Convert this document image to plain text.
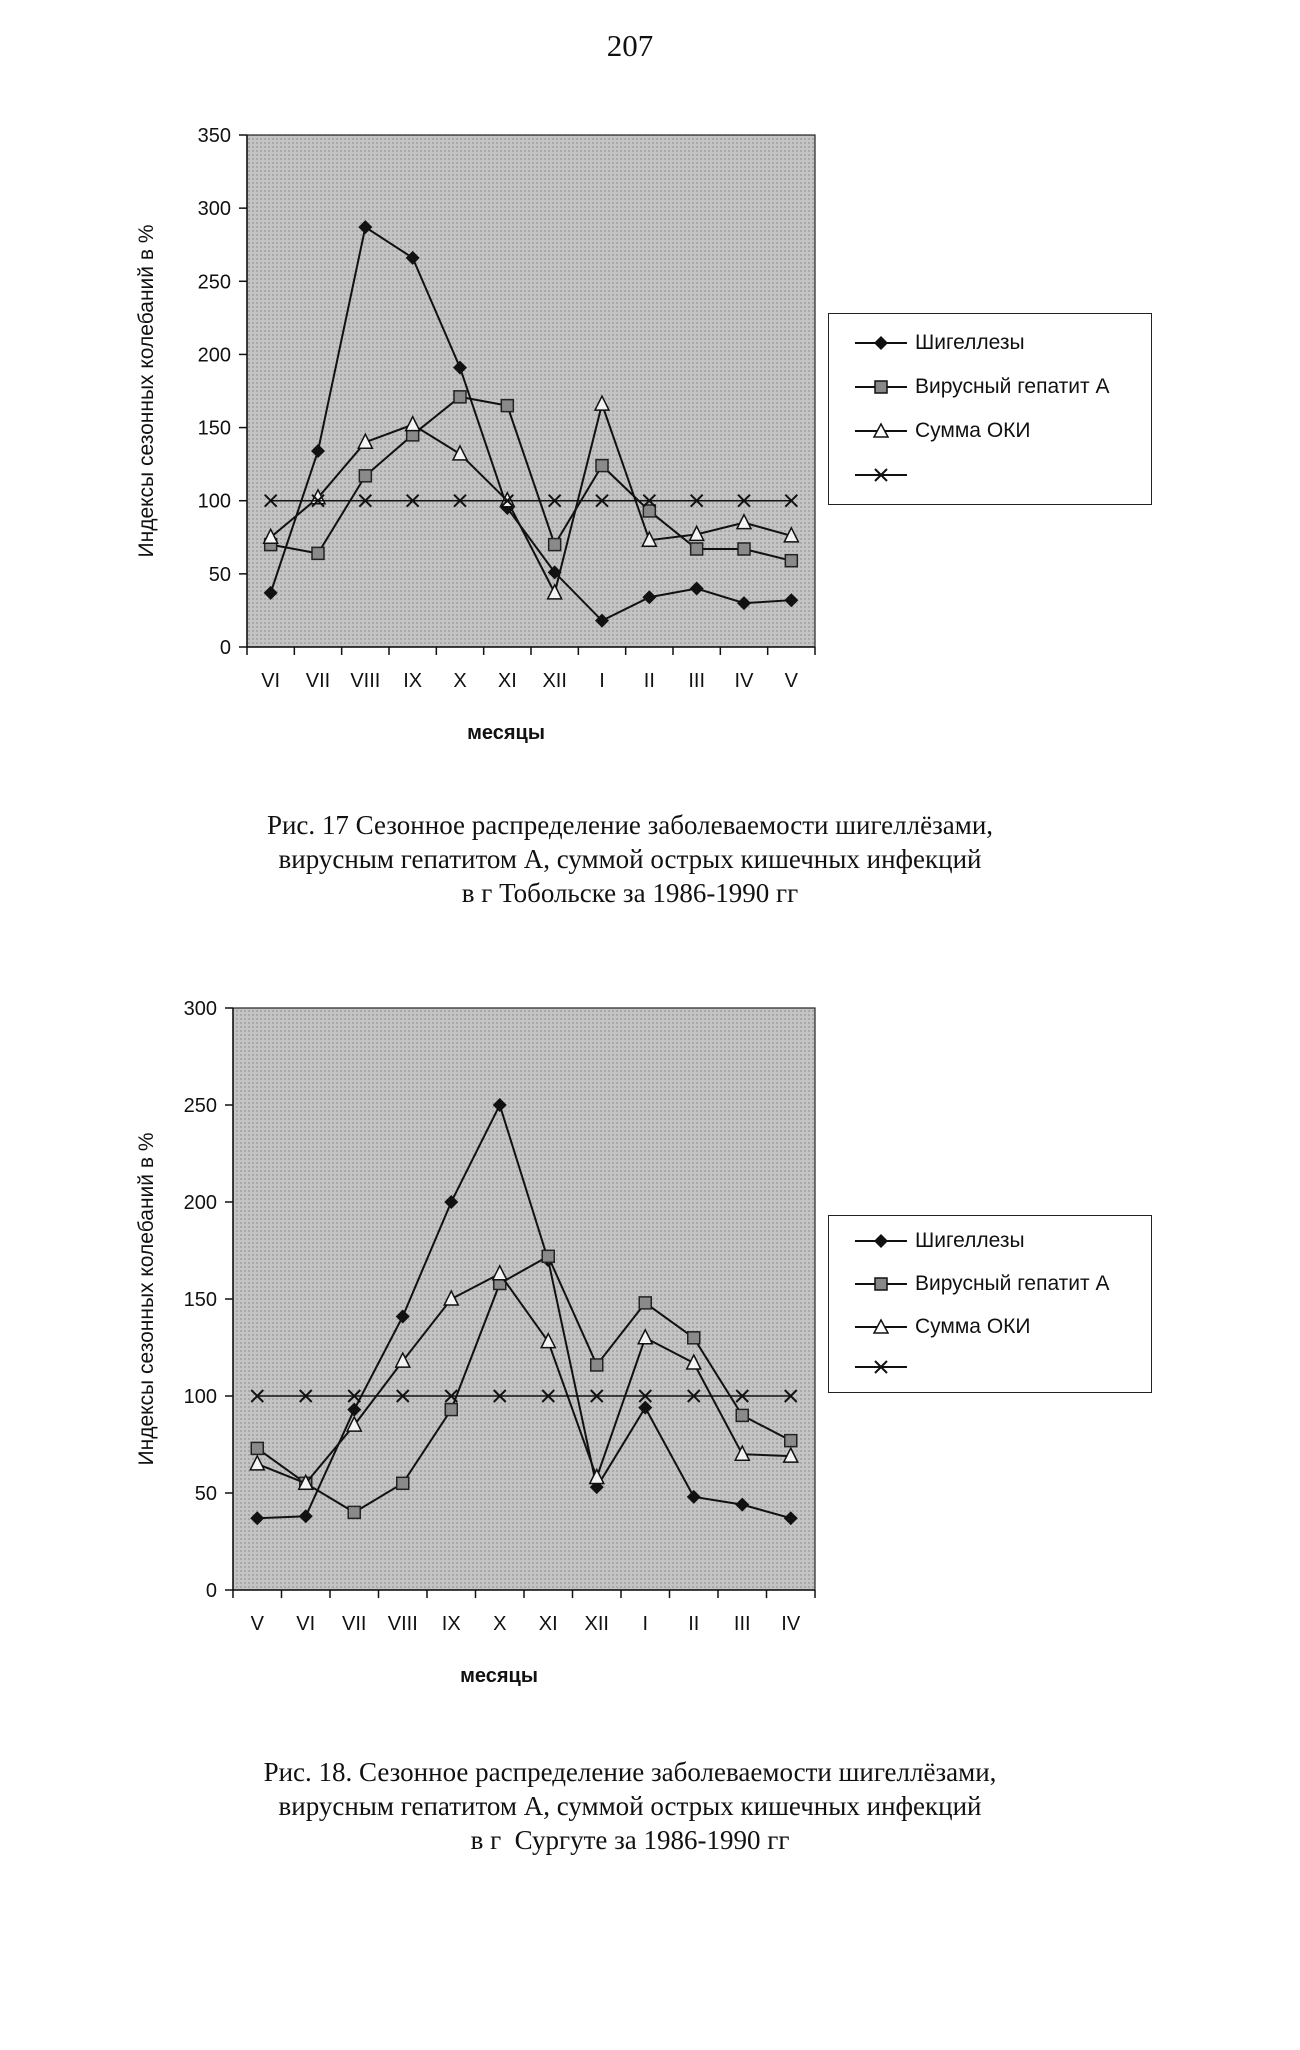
207
0
50
100
150
200
250
300
350
VI VII VIII IX X XI XII I II III IV V
месяцы
Индексы сезонных колебаний в %	Шигеллезы
Вирусный гепатит А
Сумма ОКИ
Рис. 17 Сезонное распределение заболеваемости шигеллёзами,
вирусным гепатитом А, суммой острых кишечных инфекций
в г Тобольске за 1986-1990 гг
0
50
100
150
200
250
300
V VI VII VIII IX X XI XII I II III IV
месяцы
Индексы сезонных колебаний в %	Шигеллезы
Вирусный гепатит А
Сумма ОКИ
Рис. 18. Сезонное распределение заболеваемости шигеллёзами,
вирусным гепатитом А, суммой острых кишечных инфекций
в г  Сургуте за 1986-1990 гг
